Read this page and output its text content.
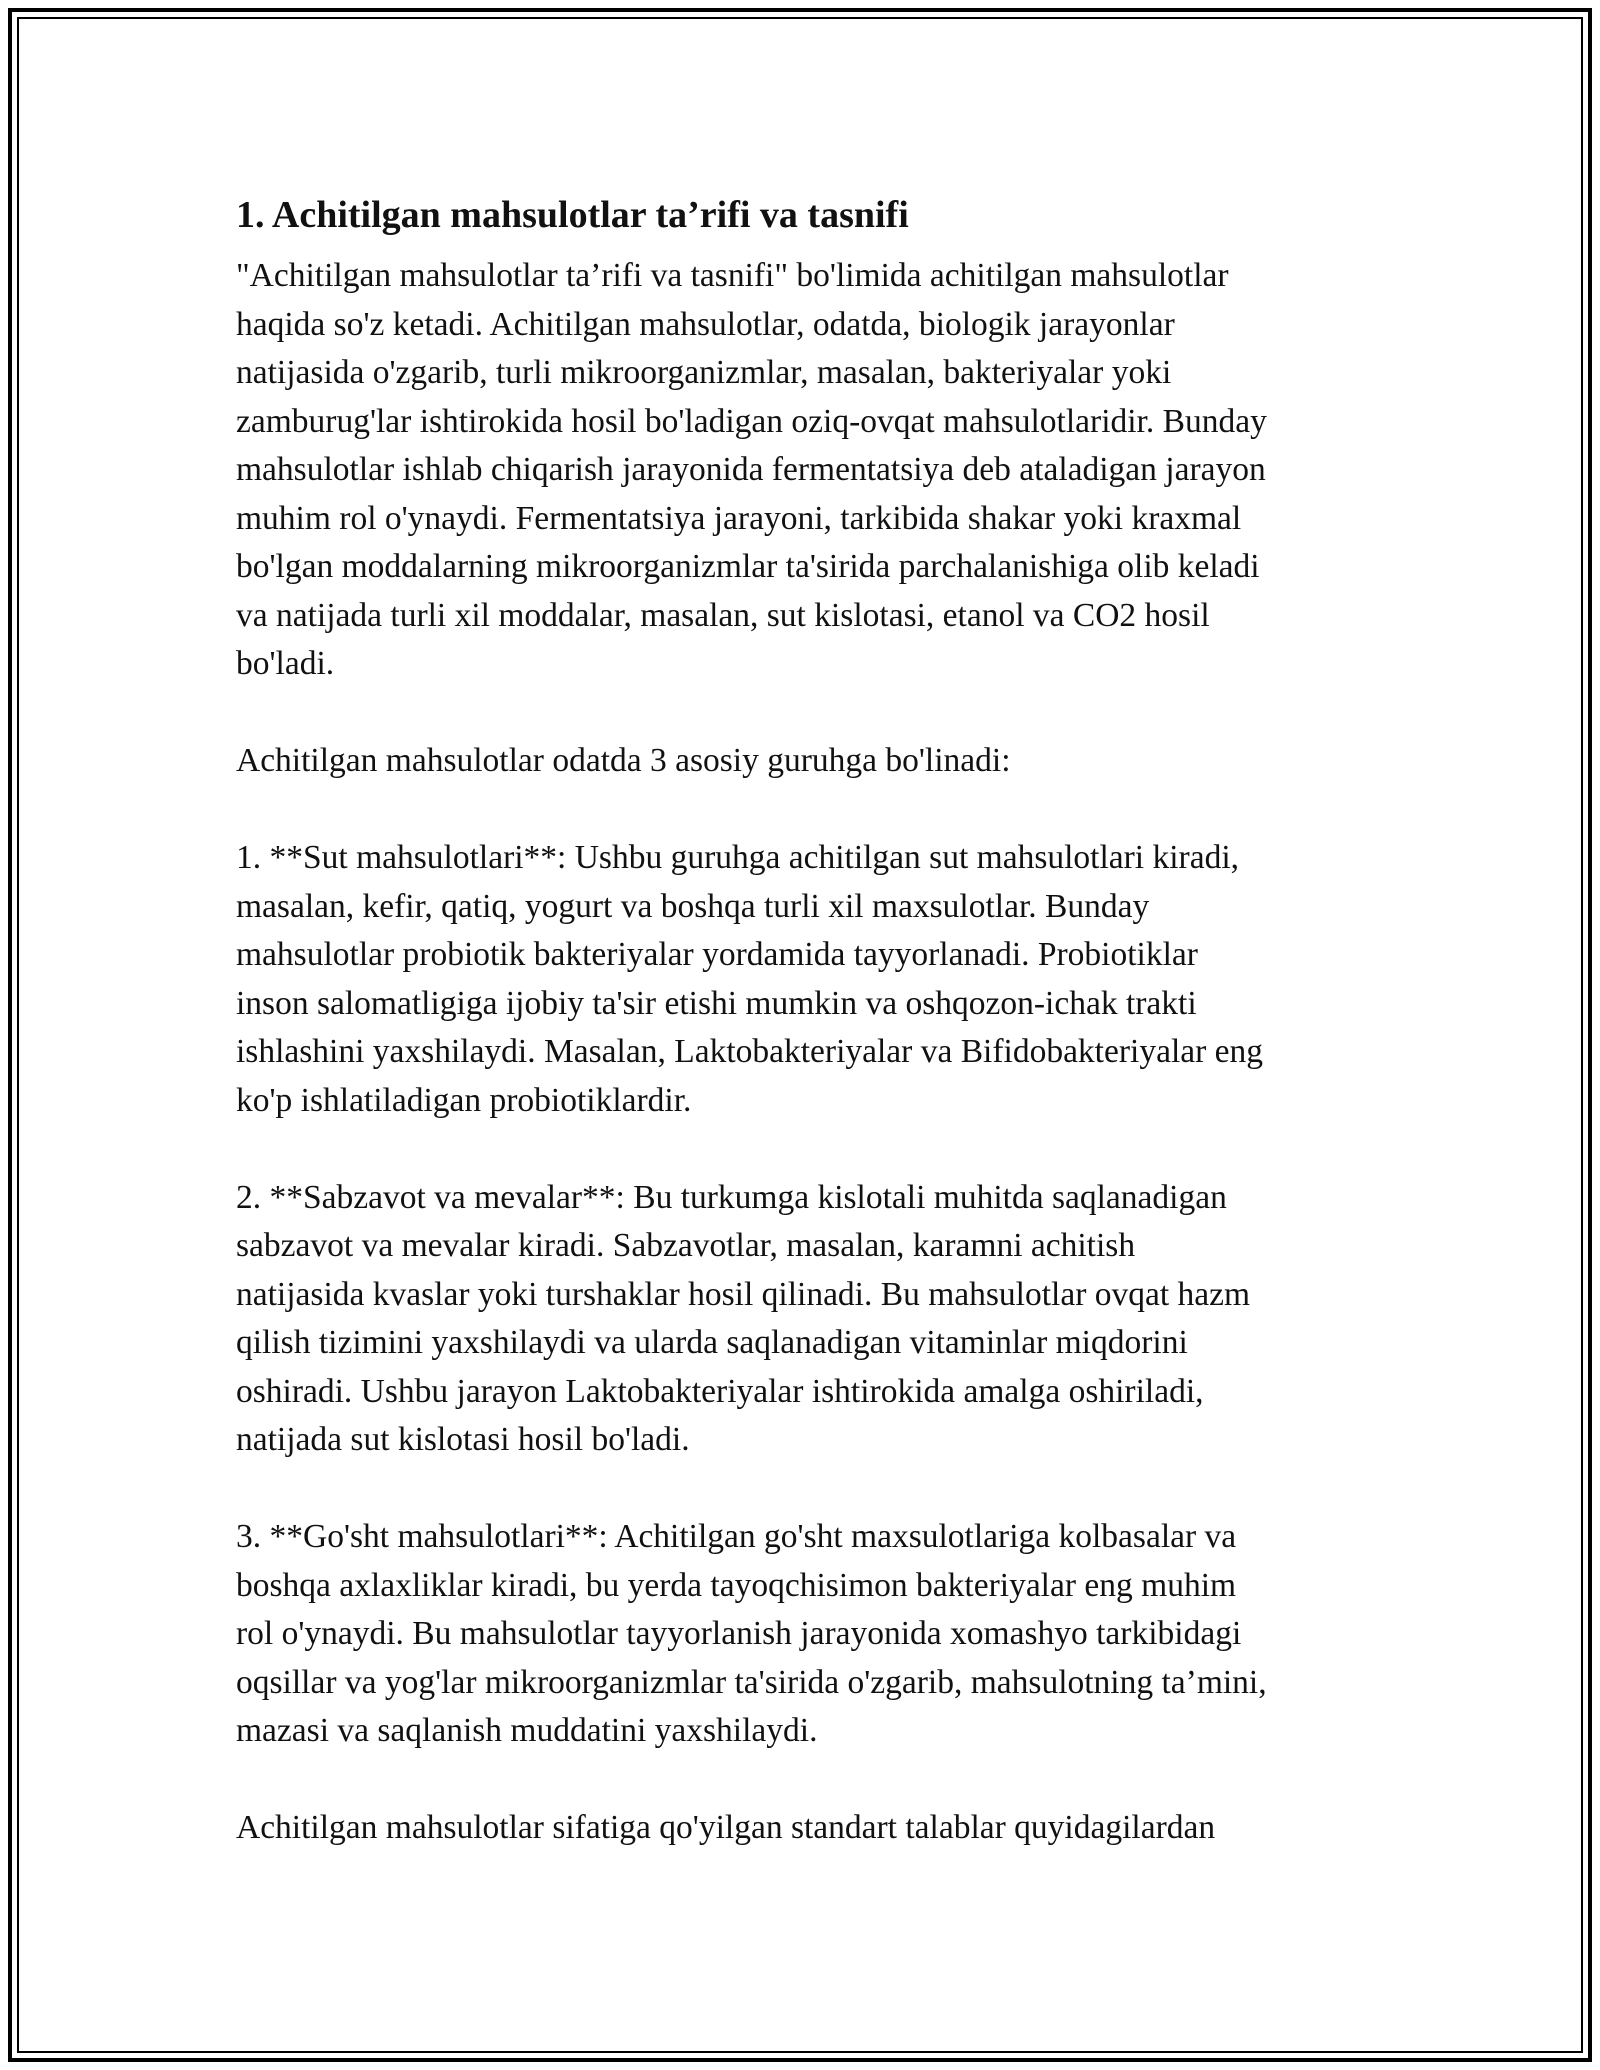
1. Achitilgan mahsulotlar ta’rifi va tasnifi

"Achitilgan mahsulotlar ta’rifi va tasnifi" bo'limida achitilgan mahsulotlar
haqida so'z ketadi. Achitilgan mahsulotlar, odatda, biologik jarayonlar
natijasida o'zgarib, turli mikroorganizmlar, masalan, bakteriyalar yoki
zamburug'lar ishtirokida hosil bo'ladigan oziq-ovqat mahsulotlaridir. Bunday
mahsulotlar ishlab chiqarish jarayonida fermentatsiya deb ataladigan jarayon
muhim rol o'ynaydi. Fermentatsiya jarayoni, tarkibida shakar yoki kraxmal
bo'lgan moddalarning mikroorganizmlar ta'sirida parchalanishiga olib keladi
va natijada turli xil moddalar, masalan, sut kislotasi, etanol va CO2 hosil
bo'ladi.

Achitilgan mahsulotlar odatda 3 asosiy guruhga bo'linadi:

1. **Sut mahsulotlari**: Ushbu guruhga achitilgan sut mahsulotlari kiradi,
masalan, kefir, qatiq, yogurt va boshqa turli xil maxsulotlar. Bunday
mahsulotlar probiotik bakteriyalar yordamida tayyorlanadi. Probiotiklar
inson salomatligiga ijobiy ta'sir etishi mumkin va oshqozon-ichak trakti
ishlashini yaxshilaydi. Masalan, Laktobakteriyalar va Bifidobakteriyalar eng
ko'p ishlatiladigan probiotiklardir.

2. **Sabzavot va mevalar**: Bu turkumga kislotali muhitda saqlanadigan
sabzavot va mevalar kiradi. Sabzavotlar, masalan, karamni achitish
natijasida kvaslar yoki turshaklar hosil qilinadi. Bu mahsulotlar ovqat hazm
qilish tizimini yaxshilaydi va ularda saqlanadigan vitaminlar miqdorini
oshiradi. Ushbu jarayon Laktobakteriyalar ishtirokida amalga oshiriladi,
natijada sut kislotasi hosil bo'ladi.

3. **Go'sht mahsulotlari**: Achitilgan go'sht maxsulotlariga kolbasalar va
boshqa axlaxliklar kiradi, bu yerda tayoqchisimon bakteriyalar eng muhim
rol o'ynaydi. Bu mahsulotlar tayyorlanish jarayonida xomashyo tarkibidagi
oqsillar va yog'lar mikroorganizmlar ta'sirida o'zgarib, mahsulotning ta’mini,
mazasi va saqlanish muddatini yaxshilaydi.

Achitilgan mahsulotlar sifatiga qo'yilgan standart talablar quyidagilardan
